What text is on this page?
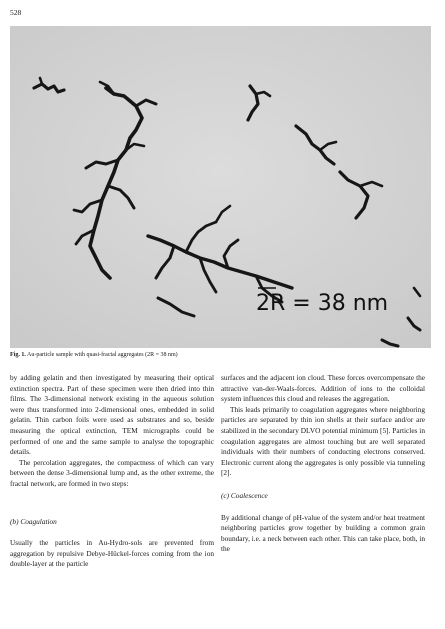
528
2R = 38 nm
Fig. 1. Au-particle sample with quasi-fractal aggregates (2R = 38 nm)

by adding gelatin and then investigated by measuring their optical extinction spectra. Part of these specimen were then dried into thin films. The 3-dimensional network existing in the aqueous solution were thus transformed into 2-dimensional ones, embedded in solid gelatin. Thin carbon foils were used as substrates and so, beside measuring the optical extinction, TEM micrographs could be performed of one and the same sample to analyse the topographic details.

The percolation aggregates, the compactness of which can vary between the dense 3-dimensional lump and, as the other extreme, the fractal network, are formed in two steps:

(b) Coagulation

Usually the particles in Au-Hydro-sols are prevented from aggregation by repulsive Debye-Hückel-forces coming from the ion double-layer at the particle

surfaces and the adjacent ion cloud. These forces overcompensate the attractive van-der-Waals-forces. Addition of ions to the colloidal system influences this cloud and releases the aggregation.

This leads primarily to coagulation aggregates where neighboring particles are separated by thin ion shells at their surface and/or are stabilized in the secondary DLVO potential minimum [5]. Particles in coagulation aggregates are almost touching but are well separated individuals with their numbers of conducting electrons conserved. Electronic current along the aggregates is only possible via tunneling [2].

(c) Coalescence

By additional change of pH-value of the system and/or heat treatment neighboring particles grow together by building a common grain boundary, i.e. a neck between each other. This can take place, both, in the
